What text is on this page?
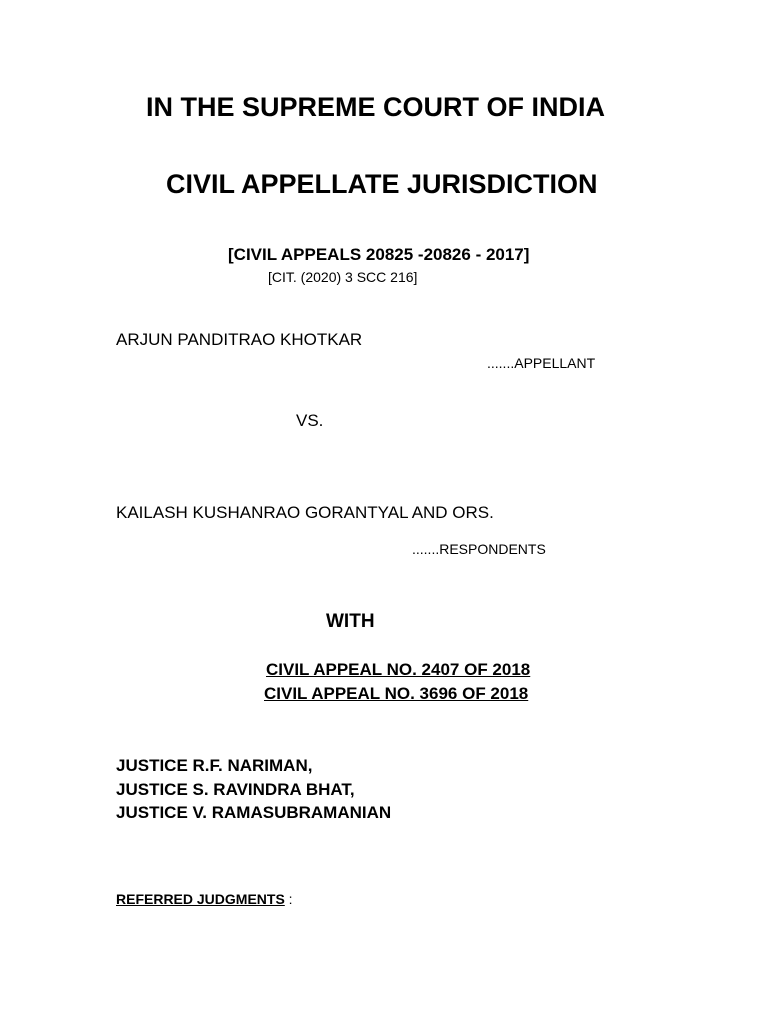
IN THE SUPREME COURT OF INDIA
CIVIL APPELLATE JURISDICTION
[CIVIL APPEALS 20825 -20826 - 2017]
[CIT. (2020) 3 SCC 216]
ARJUN PANDITRAO KHOTKAR
.......APPELLANT
VS.
KAILASH KUSHANRAO GORANTYAL AND ORS.
.......RESPONDENTS
WITH
CIVIL APPEAL NO. 2407 OF 2018
CIVIL APPEAL NO. 3696 OF 2018
JUSTICE R.F. NARIMAN,
JUSTICE S. RAVINDRA BHAT,
JUSTICE V. RAMASUBRAMANIAN
REFERRED JUDGMENTS :
